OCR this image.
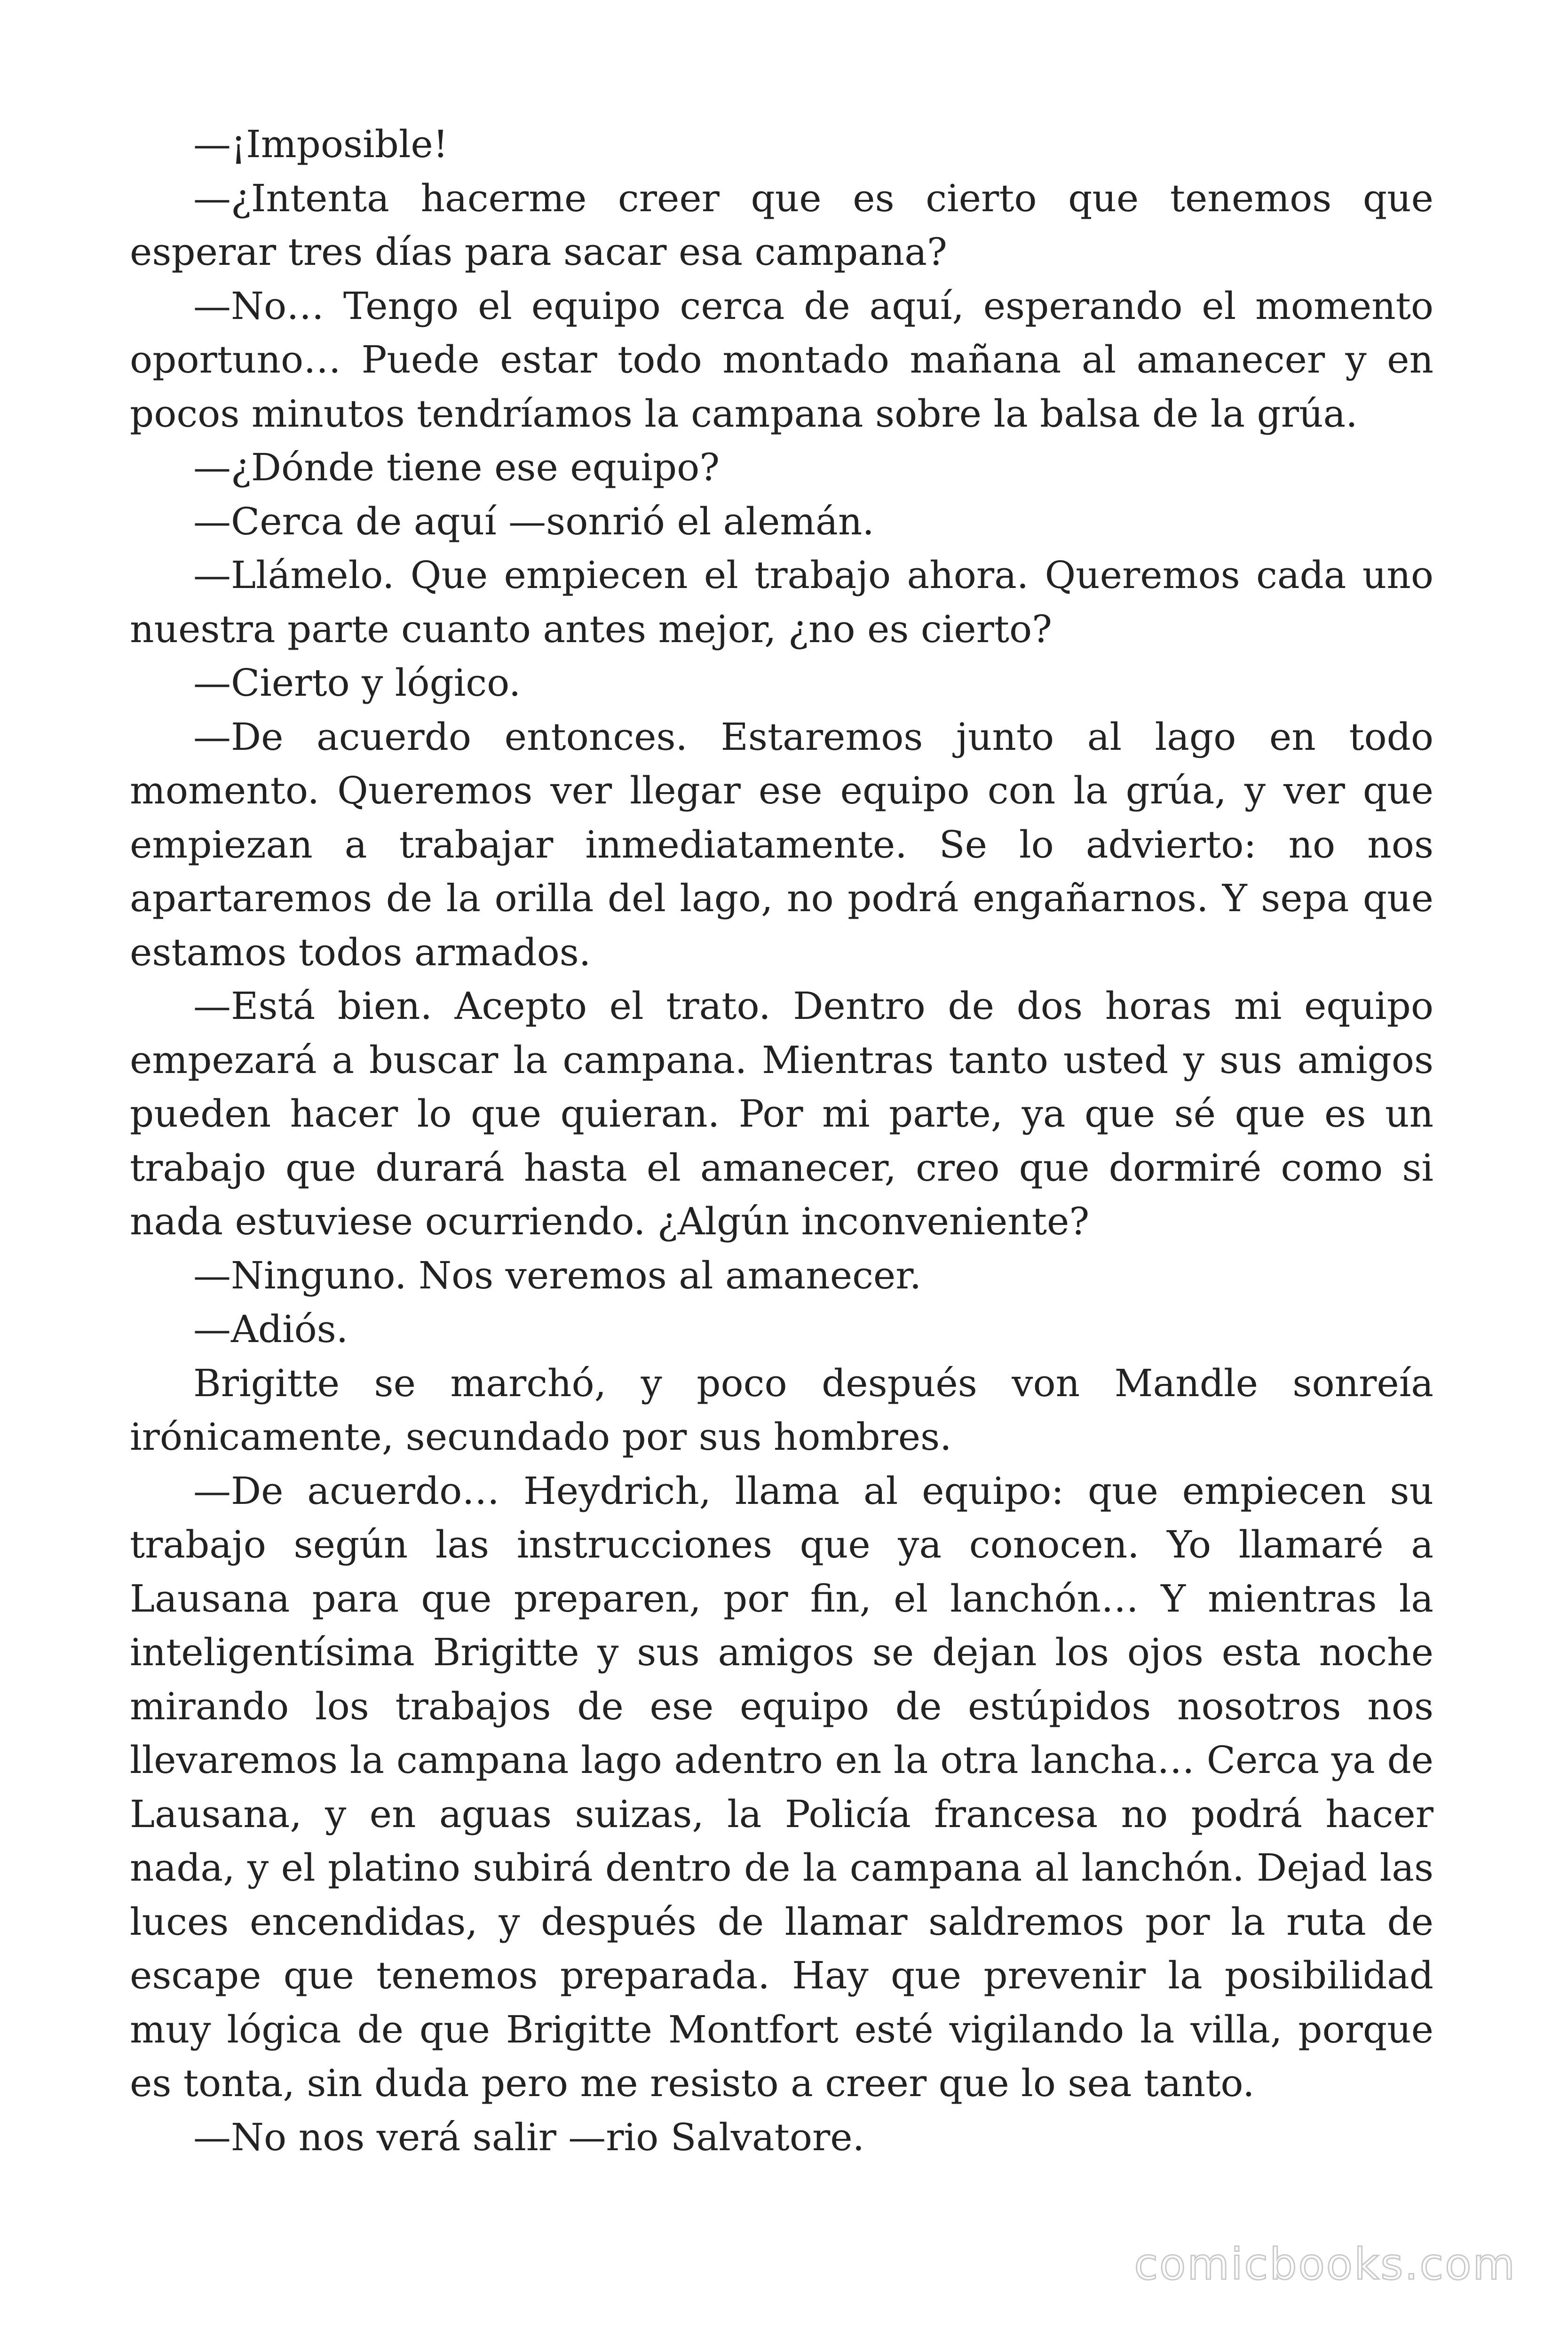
—¡Imposible!

—¿Intenta hacerme creer que es cierto que tenemos que esperar tres días para sacar esa campana?

—No… Tengo el equipo cerca de aquí, esperando el momento oportuno… Puede estar todo montado mañana al amanecer y en pocos minutos tendríamos la campana sobre la balsa de la grúa.

—¿Dónde tiene ese equipo?

—Cerca de aquí —sonrió el alemán.

—Llámelo. Que empiecen el trabajo ahora. Queremos cada uno nuestra parte cuanto antes mejor, ¿no es cierto?

—Cierto y lógico.

—De acuerdo entonces. Estaremos junto al lago en todo momento. Queremos ver llegar ese equipo con la grúa, y ver que empiezan a trabajar inmediatamente. Se lo advierto: no nos apartaremos de la orilla del lago, no podrá engañarnos. Y sepa que estamos todos armados.

—Está bien. Acepto el trato. Dentro de dos horas mi equipo empezará a buscar la campana. Mientras tanto usted y sus amigos pueden hacer lo que quieran. Por mi parte, ya que sé que es un trabajo que durará hasta el amanecer, creo que dormiré como si nada estuviese ocurriendo. ¿Algún inconveniente?

—Ninguno. Nos veremos al amanecer.

—Adiós.

Brigitte se marchó, y poco después von Mandle sonreía irónicamente, secundado por sus hombres.

—De acuerdo… Heydrich, llama al equipo: que empiecen su trabajo según las instrucciones que ya conocen. Yo llamaré a Lausana para que preparen, por fin, el lanchón… Y mientras la inteligentísima Brigitte y sus amigos se dejan los ojos esta noche mirando los trabajos de ese equipo de estúpidos nosotros nos llevaremos la campana lago adentro en la otra lancha… Cerca ya de Lausana, y en aguas suizas, la Policía francesa no podrá hacer nada, y el platino subirá dentro de la campana al lanchón. Dejad las luces encendidas, y después de llamar saldremos por la ruta de escape que tenemos preparada. Hay que prevenir la posibilidad muy lógica de que Brigitte Montfort esté vigilando la villa, porque es tonta, sin duda pero me resisto a creer que lo sea tanto.

—No nos verá salir —rio Salvatore.

comicbooks.com
